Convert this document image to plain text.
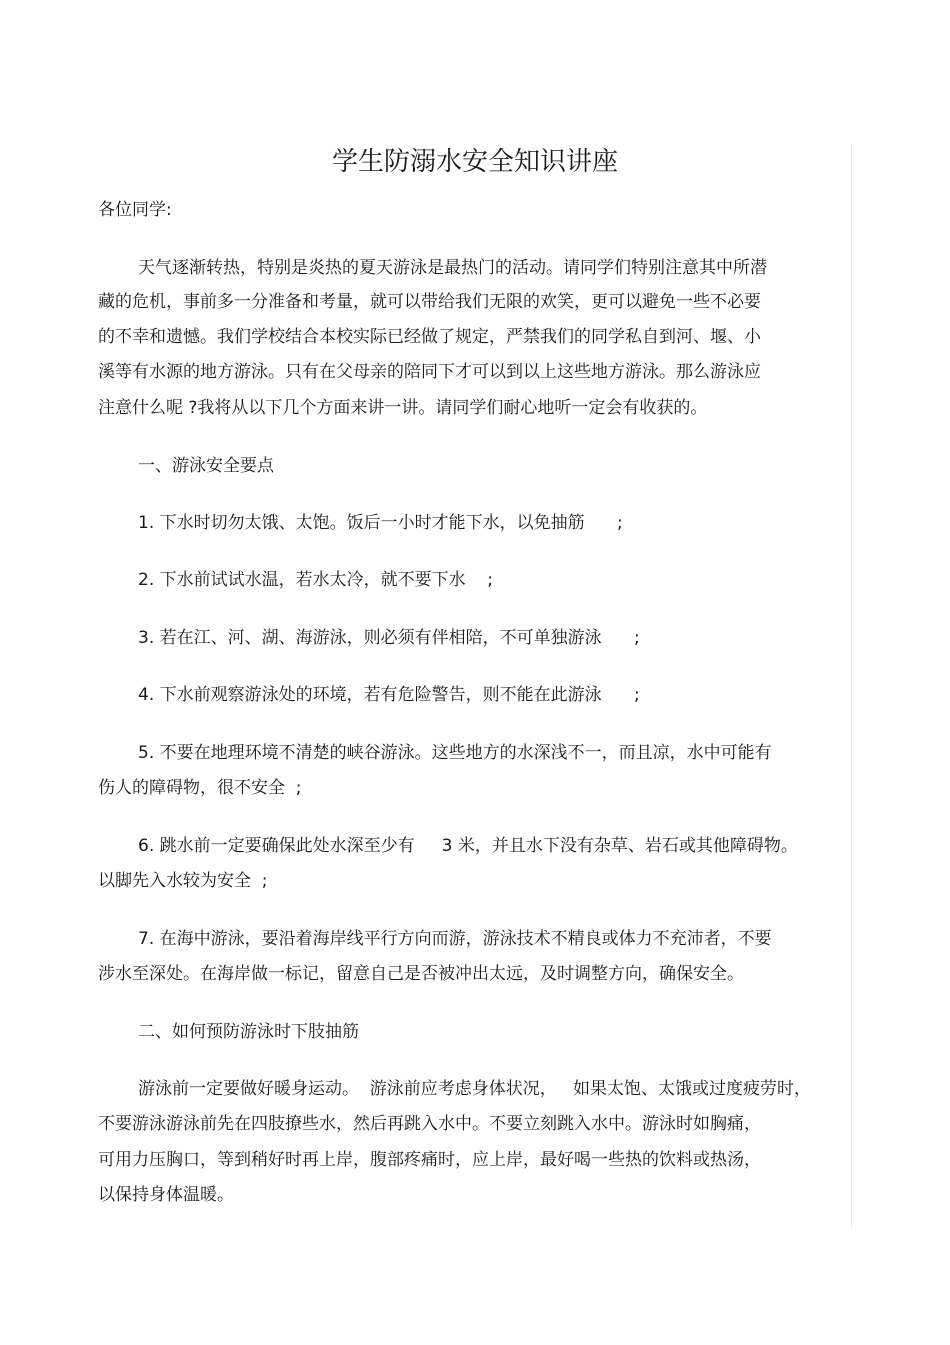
学生防溺水安全知识讲座
各位同学:
天气逐渐转热，特别是炎热的夏天游泳是最热门的活动。请同学们特别注意其中所潜
藏的危机，事前多一分准备和考量，就可以带给我们无限的欢笑，更可以避免一些不必要
的不幸和遗憾。我们学校结合本校实际已经做了规定，严禁我们的同学私自到河、堰、小
溪等有水源的地方游泳。只有在父母亲的陪同下才可以到以上这些地方游泳。那么游泳应
注意什么呢 ?我将从以下几个方面来讲一讲。请同学们耐心地听一定会有收获的。
一、游泳安全要点
1. 下水时切勿太饿、太饱。饭后一小时才能下水，以免抽筋      ;
2. 下水前试试水温，若水太冷，就不要下水    ;
3. 若在江、河、湖、海游泳，则必须有伴相陪，不可单独游泳      ;
4. 下水前观察游泳处的环境，若有危险警告，则不能在此游泳      ;
5. 不要在地理环境不清楚的峡谷游泳。这些地方的水深浅不一，而且凉，水中可能有
伤人的障碍物，很不安全  ;
6. 跳水前一定要确保此处水深至少有     3 米，并且水下没有杂草、岩石或其他障碍物。
以脚先入水较为安全  ;
7. 在海中游泳，要沿着海岸线平行方向而游，游泳技术不精良或体力不充沛者，不要
涉水至深处。在海岸做一标记，留意自己是否被冲出太远，及时调整方向，确保安全。
二、如何预防游泳时下肢抽筋
游泳前一定要做好暖身运动。  游泳前应考虑身体状况，   如果太饱、太饿或过度疲劳时，
不要游泳游泳前先在四肢撩些水，然后再跳入水中。不要立刻跳入水中。游泳时如胸痛，
可用力压胸口，等到稍好时再上岸，腹部疼痛时，应上岸，最好喝一些热的饮料或热汤，
以保持身体温暖。
